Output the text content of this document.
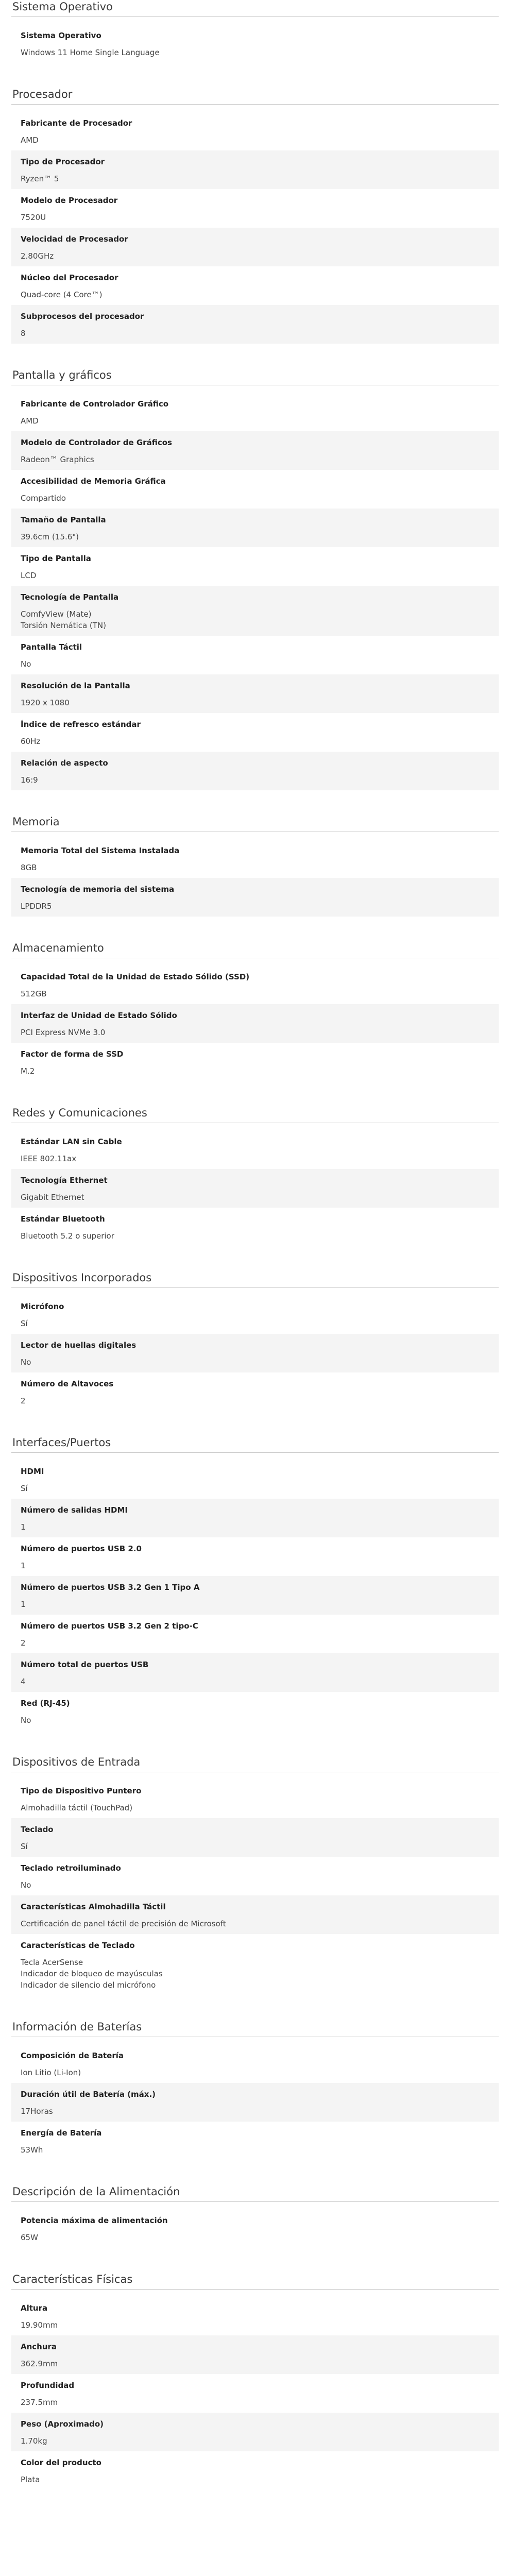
Sistema Operativo
Sistema Operativo
Windows 11 Home Single Language
Procesador
Fabricante de Procesador
AMD
Tipo de Procesador
Ryzen™ 5
Modelo de Procesador
7520U
Velocidad de Procesador
2.80GHz
Núcleo del Procesador
Quad-core (4 Core™)
Subprocesos del procesador
8
Pantalla y gráficos
Fabricante de Controlador Gráfico
AMD
Modelo de Controlador de Gráficos
Radeon™ Graphics
Accesibilidad de Memoria Gráfica
Compartido
Tamaño de Pantalla
39.6cm (15.6")
Tipo de Pantalla
LCD
Tecnología de Pantalla
ComfyView (Mate)
Torsión Nemática (TN)
Pantalla Táctil
No
Resolución de la Pantalla
1920 x 1080
Índice de refresco estándar
60Hz
Relación de aspecto
16:9
Memoria
Memoria Total del Sistema Instalada
8GB
Tecnología de memoria del sistema
LPDDR5
Almacenamiento
Capacidad Total de la Unidad de Estado Sólido (SSD)
512GB
Interfaz de Unidad de Estado Sólido
PCI Express NVMe 3.0
Factor de forma de SSD
M.2
Redes y Comunicaciones
Estándar LAN sin Cable
IEEE 802.11ax
Tecnología Ethernet
Gigabit Ethernet
Estándar Bluetooth
Bluetooth 5.2 o superior
Dispositivos Incorporados
Micrófono
Sí
Lector de huellas digitales
No
Número de Altavoces
2
Interfaces/Puertos
HDMI
Sí
Número de salidas HDMI
1
Número de puertos USB 2.0
1
Número de puertos USB 3.2 Gen 1 Tipo A
1
Número de puertos USB 3.2 Gen 2 tipo-C
2
Número total de puertos USB
4
Red (RJ-45)
No
Dispositivos de Entrada
Tipo de Dispositivo Puntero
Almohadilla táctil (TouchPad)
Teclado
Sí
Teclado retroiluminado
No
Características Almohadilla Táctil
Certificación de panel táctil de precisión de Microsoft
Características de Teclado
Tecla AcerSense
Indicador de bloqueo de mayúsculas
Indicador de silencio del micrófono
Información de Baterías
Composición de Batería
Ion Litio (Li-Ion)
Duración útil de Batería (máx.)
17Horas
Energía de Batería
53Wh
Descripción de la Alimentación
Potencia máxima de alimentación
65W
Características Físicas
Altura
19.90mm
Anchura
362.9mm
Profundidad
237.5mm
Peso (Aproximado)
1.70kg
Color del producto
Plata
